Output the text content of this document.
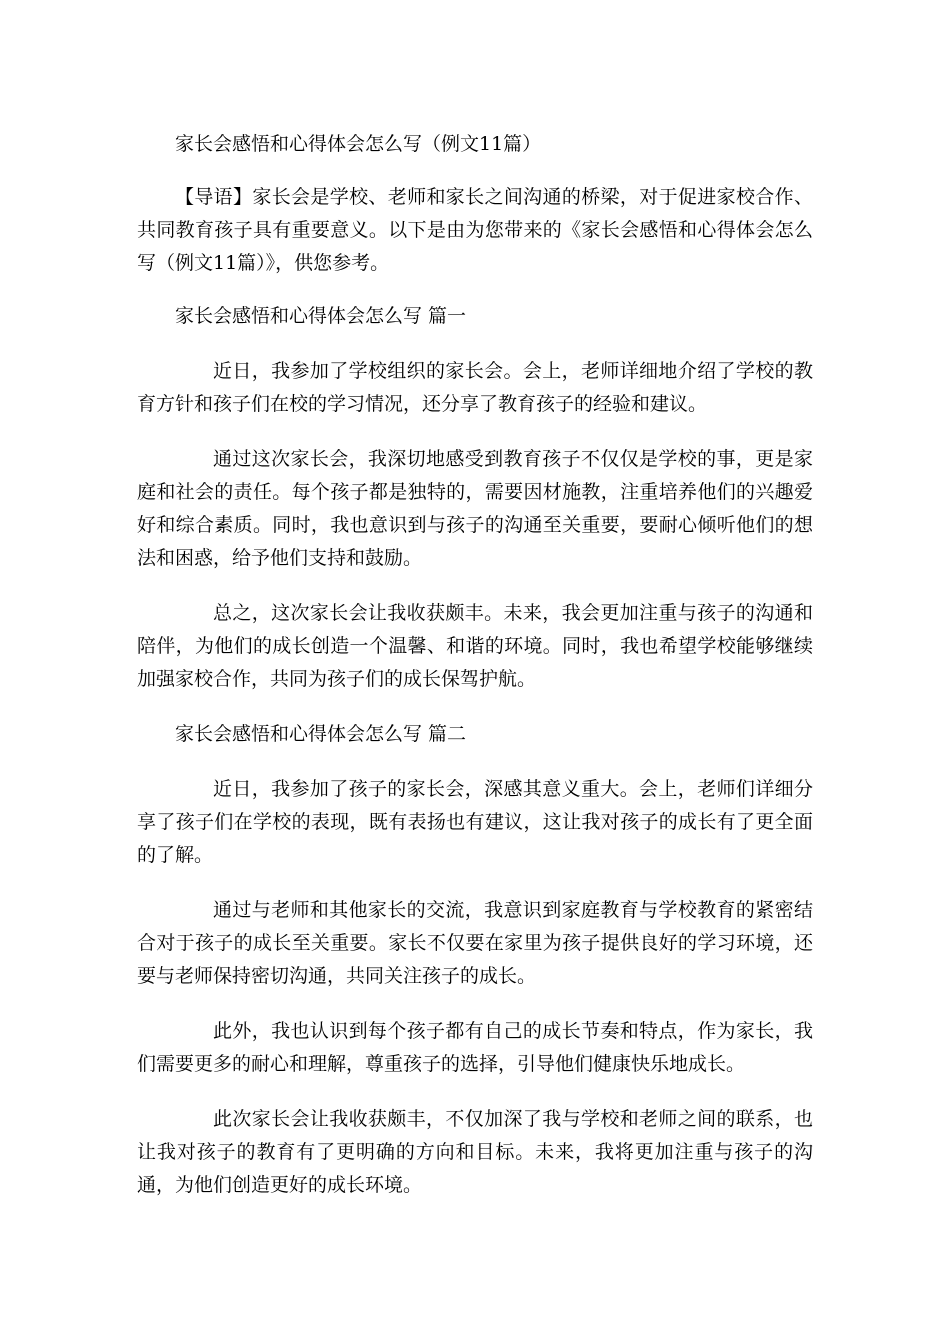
家长会感悟和心得体会怎么写（例文11篇）

【导语】家长会是学校、老师和家长之间沟通的桥梁，对于促进家校合作、共同教育孩子具有重要意义。以下是由为您带来的《家长会感悟和心得体会怎么写（例文11篇）》，供您参考。

家长会感悟和心得体会怎么写 篇一

近日，我参加了学校组织的家长会。会上，老师详细地介绍了学校的教育方针和孩子们在校的学习情况，还分享了教育孩子的经验和建议。

通过这次家长会，我深切地感受到教育孩子不仅仅是学校的事，更是家庭和社会的责任。每个孩子都是独特的，需要因材施教，注重培养他们的兴趣爱好和综合素质。同时，我也意识到与孩子的沟通至关重要，要耐心倾听他们的想法和困惑，给予他们支持和鼓励。

总之，这次家长会让我收获颇丰。未来，我会更加注重与孩子的沟通和陪伴，为他们的成长创造一个温馨、和谐的环境。同时，我也希望学校能够继续加强家校合作，共同为孩子们的成长保驾护航。

家长会感悟和心得体会怎么写 篇二

近日，我参加了孩子的家长会，深感其意义重大。会上，老师们详细分享了孩子们在学校的表现，既有表扬也有建议，这让我对孩子的成长有了更全面的了解。

通过与老师和其他家长的交流，我意识到家庭教育与学校教育的紧密结合对于孩子的成长至关重要。家长不仅要在家里为孩子提供良好的学习环境，还要与老师保持密切沟通，共同关注孩子的成长。

此外，我也认识到每个孩子都有自己的成长节奏和特点，作为家长，我们需要更多的耐心和理解，尊重孩子的选择，引导他们健康快乐地成长。

此次家长会让我收获颇丰，不仅加深了我与学校和老师之间的联系，也让我对孩子的教育有了更明确的方向和目标。未来，我将更加注重与孩子的沟通，为他们创造更好的成长环境。
